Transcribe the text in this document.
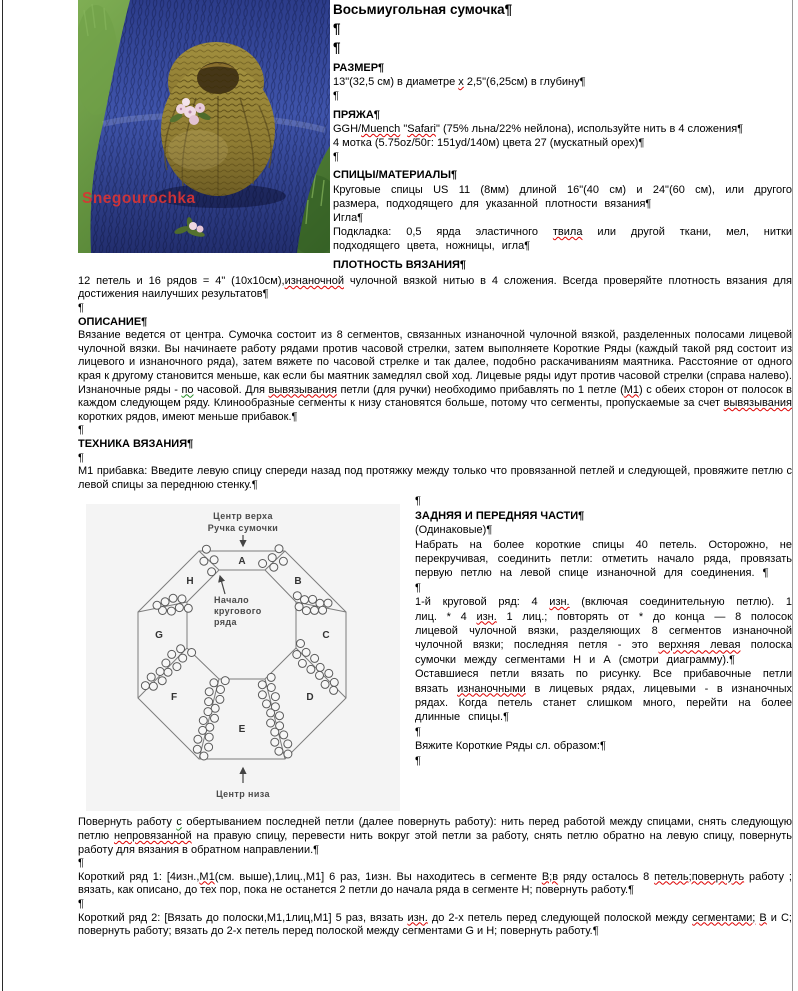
Snegourochka

Восьмиугольная сумочка¶

¶

¶

РАЗМЕР¶

13"(32,5 см) в диаметре х 2,5"(6,25см) в глубину¶

¶

ПРЯЖА¶

GGH/Muench "Safari" (75% льна/22% нейлона), используйте нить в 4 сложения¶

4 мотка (5.75oz/50г: 151yd/140м) цвета 27 (мускатный орех)¶

¶

СПИЦЫ/МАТЕРИАЛЫ¶

Круговые спицы US 11 (8мм) длиной 16"(40 см) и 24"(60 см), или другого размера, подходящего для указанной плотности вязания¶

Игла¶

Подкладка: 0,5 ярда эластичного твила или другой ткани, мел, нитки подходящего цвета, ножницы, игла¶

ПЛОТНОСТЬ ВЯЗАНИЯ¶

12 петель и 16 рядов = 4" (10х10см),изнаночной чулочной вязкой нитью в 4 сложения. Всегда проверяйте плотность вязания для достижения наилучших результатов¶

¶

ОПИСАНИЕ¶

Вязание ведется от центра. Сумочка состоит из 8 сегментов, связанных изнаночной чулочной вязкой, разделенных полосами лицевой чулочной вязки. Вы начинаете работу рядами против часовой стрелки, затем выполняете Короткие Ряды (каждый такой ряд состоит из лицевого и изнаночного ряда), затем вяжете по часовой стрелке и так далее, подобно раскачиваниям маятника. Расстояние от одного края к другому становится меньше, как если бы маятник замедлял свой ход. Лицевые ряды идут против часовой стрелки (справа налево). Изнаночные ряды - по часовой. Для вывязывания петли (для ручки) необходимо прибавлять по 1 петле (М1) с обеих сторон от полосок в каждом следующем ряду. Клинообразные сегменты к низу становятся больше, потому что сегменты, пропускаемые за счет вывязывания коротких рядов, имеют меньше прибавок.¶

¶

ТЕХНИКА ВЯЗАНИЯ¶

¶

М1 прибавка: Введите левую спицу спереди назад под протяжку между только что провязанной петлей и следующей, провяжите петлю с левой спицы за переднюю стенку.¶

A
B
C
D
E
F
G
H
Центр верха
Ручка сумочки
Начало
кругового
ряда
Центр низа

¶

ЗАДНЯЯ И ПЕРЕДНЯЯ ЧАСТИ¶

(Одинаковые)¶

Набрать на более короткие спицы 40 петель. Осторожно, не перекручивая, соединить петли: отметить начало ряда, провязать первую петлю на левой спице изнаночной для соединения. ¶

¶

1-й круговой ряд: 4 изн. (включая соединительную петлю). 1 лиц. * 4 изн. 1 лиц.; повторять от * до конца — 8 полосок лицевой чулочной вязки, разделяющих 8 сегментов изнаночной чулочной вязки; последняя петля - это верхняя левая полоска сумочки между сегментами Н и А (смотри диаграмму).¶

Оставшиеся петли вязать по рисунку. Все прибавочные петли вязать изнаночными в лицевых рядах, лицевыми - в изнаночных рядах. Когда петель станет слишком много, перейти на более длинные спицы.¶

¶

Вяжите Короткие Ряды сл. образом:¶

¶

Повернуть работу с обертыванием последней петли (далее повернуть работу): нить перед работой между спицами, снять следующую петлю непровязанной на правую спицу, перевести нить вокруг этой петли за работу, снять петлю обратно на левую спицу, повернуть работу для вязания в обратном направлении.¶

¶

Короткий ряд 1: [4изн.,М1(см. выше),1лиц.,М1] 6 раз, 1изн. Вы находитесь в сегменте В;в ряду осталось 8 петель;повернуть работу ; вязать, как описано, до тех пор, пока не останется 2 петли до начала ряда в сегменте Н; повернуть работу.¶

¶

Короткий ряд 2: [Вязать до полоски,М1,1лиц,М1] 5 раз, вязать изн. до 2-х петель перед следующей полоской между сегментами; В и С; повернуть работу; вязать до 2-х петель перед полоской между сегментами G и Н; повернуть работу.¶
